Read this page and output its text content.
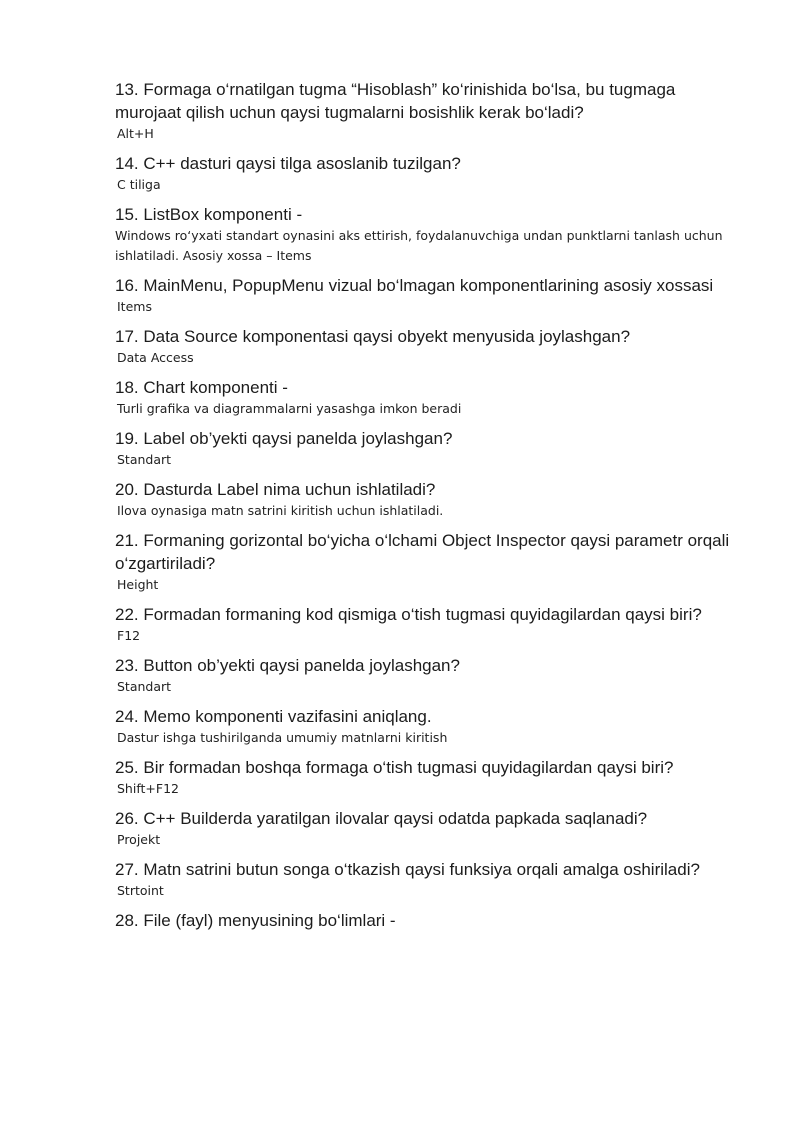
13. Formaga o‘rnatilgan tugma “Hisoblash” ko‘rinishida bo‘lsa, bu tugmaga murojaat qilish uchun qaysi tugmalarni bosishlik kerak bo‘ladi?

Alt+H

14. C++ dasturi qaysi tilga asoslanib tuzilgan?

C tiliga

15. ListBox komponenti -

Windows ro‘yxati standart oynasini aks ettirish, foydalanuvchiga undan punktlarni tanlash uchun ishlatiladi. Asosiy xossa – Items

16. MainMenu, PopupMenu vizual bo‘lmagan komponentlarining asosiy xossasi

Items

17. Data Source komponentasi qaysi obyekt menyusida joylashgan?

Data Access

18. Chart komponenti -

Turli grafika va diagrammalarni yasashga imkon beradi

19. Label ob’yekti qaysi panelda joylashgan?

Standart

20. Dasturda Label nima uchun ishlatiladi?

Ilova oynasiga matn satrini kiritish uchun ishlatiladi.

21. Formaning gorizontal bo‘yicha o‘lchami Object Inspector qaysi parametr orqali o‘zgartiriladi?

Height

22. Formadan formaning kod qismiga o‘tish tugmasi quyidagilardan qaysi biri?

F12

23. Button ob’yekti qaysi panelda joylashgan?

Standart

24. Memo komponenti vazifasini aniqlang.

Dastur ishga tushirilganda umumiy matnlarni kiritish

25. Bir formadan boshqa formaga o‘tish tugmasi quyidagilardan qaysi biri?

Shift+F12

26. C++ Builderda yaratilgan ilovalar qaysi odatda papkada saqlanadi?

Projekt

27. Matn satrini butun songa o‘tkazish qaysi funksiya orqali amalga oshiriladi?

Strtoint

28. File (fayl) menyusining bo‘limlari -
